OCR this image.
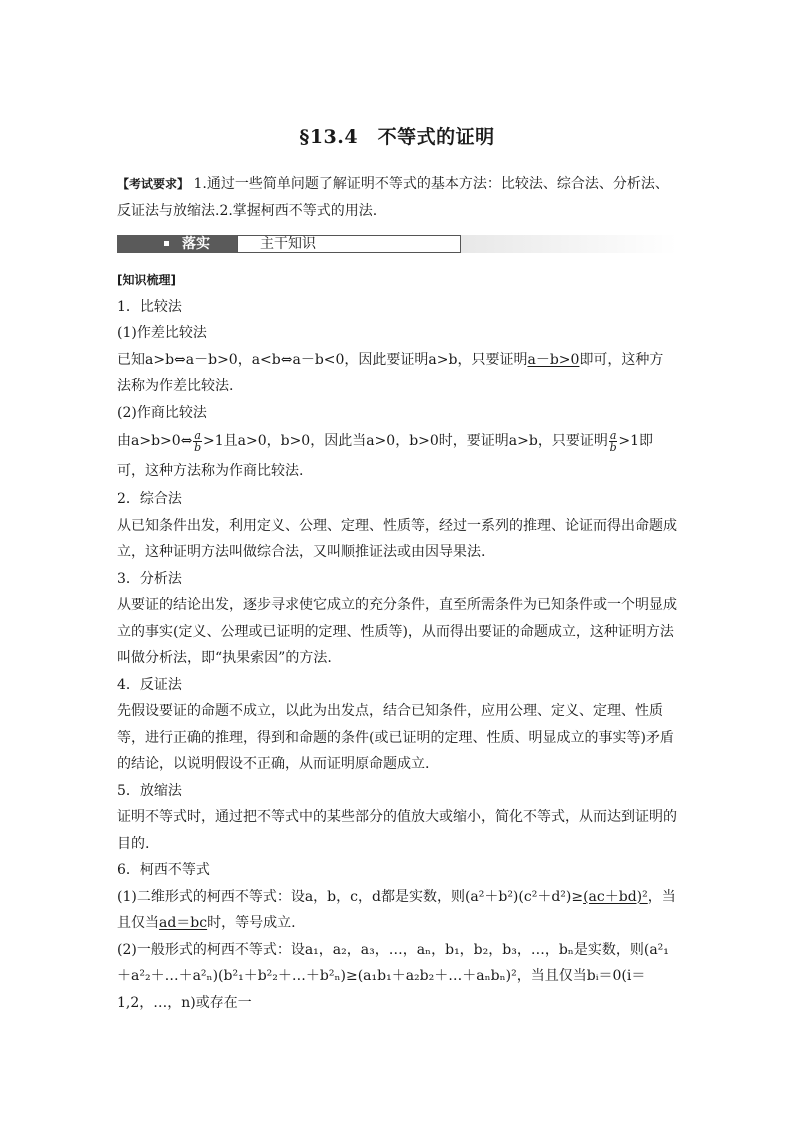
§13.4　不等式的证明

【考试要求】 1.通过一些简单问题了解证明不等式的基本方法：比较法、综合法、分析法、反证法与放缩法.2.掌握柯西不等式的用法.

落实	主干知识

[知识梳理]

1．比较法

(1)作差比较法

已知a>b⇔a－b>0，a<b⇔a－b<0，因此要证明a>b，只要证明a－b>0即可，这种方法称为作差比较法.

(2)作商比较法

由a>b>0⇔ $\frac{a}{b} >1$且a>0，b>0，因此当a>0，b>0时，要证明a>b，只要证明 $\frac{a}{b} >1$即可，这种方法称为作商比较法.

2．综合法

从已知条件出发，利用定义、公理、定理、性质等，经过一系列的推理、论证而得出命题成立，这种证明方法叫做综合法，又叫顺推证法或由因导果法.

3．分析法

从要证的结论出发，逐步寻求使它成立的充分条件，直至所需条件为已知条件或一个明显成立的事实(定义、公理或已证明的定理、性质等)，从而得出要证的命题成立，这种证明方法叫做分析法，即“执果索因”的方法.

4．反证法

先假设要证的命题不成立，以此为出发点，结合已知条件，应用公理、定义、定理、性质等，进行正确的推理，得到和命题的条件(或已证明的定理、性质、明显成立的事实等)矛盾的结论，以说明假设不正确，从而证明原命题成立.

5．放缩法

证明不等式时，通过把不等式中的某些部分的值放大或缩小，简化不等式，从而达到证明的目的.

6．柯西不等式

(1)二维形式的柯西不等式：设a，b，c，d都是实数，则(a²＋b²)(c²＋d²)≥(ac＋bd)²，当且仅当ad＝bc时，等号成立.

(2)一般形式的柯西不等式：设a₁，a₂，a₃，…，aₙ，b₁，b₂，b₃，…，bₙ是实数，则(a²₁＋a²₂＋…＋a²ₙ)(b²₁＋b²₂＋…＋b²ₙ)≥(a₁b₁＋a₂b₂＋…＋aₙbₙ)²，当且仅当bᵢ＝0(i＝1,2，…，n)或存在一
